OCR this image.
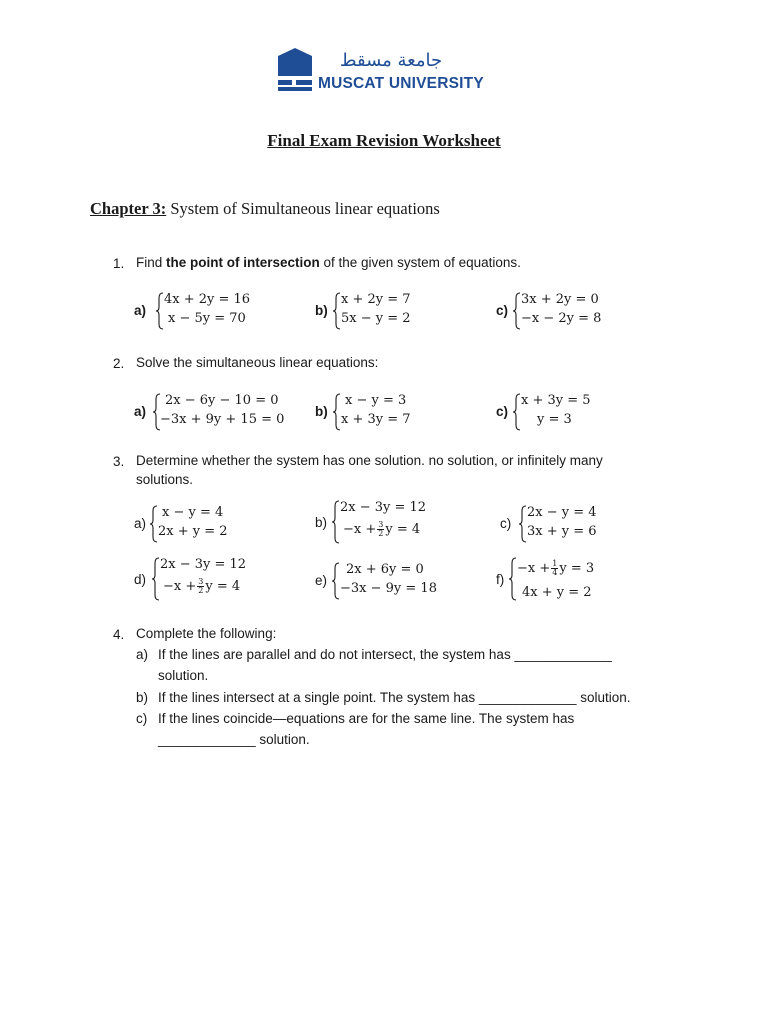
جامعة مسقط
MUSCAT UNIVERSITY
Final Exam Revision Worksheet
Chapter 3: System of Simultaneous linear equations
1. Find the point of intersection of the given system of equations.
a)
4x + 2y = 16
x − 5y = 70
b)
x + 2y = 7
5x − y = 2
c)
3x + 2y = 0
−x − 2y = 8
2. Solve the simultaneous linear equations:
a)
2x − 6y − 10 = 0
−3x + 9y + 15 = 0
b)
x − y = 3
x + 3y = 7
c)
x + 3y = 5
y = 3
3. Determine whether the system has one solution. no solution, or infinitely many
solutions.
a)
x − y = 4
2x + y = 2
b)
2x − 3y = 12
$-x + \frac{3}{2}$ y = 4	c)
2x − y = 4
3x + y = 6
d)
2x − 3y = 12
$-x + \frac{3}{2}$ y = 4	e)
2x + 6y = 0
−3x − 9y = 18
f)
$-x + \frac{1}{4}$ y = 3
4x + y = 2
4. Complete the following:
a) If the lines are parallel and do not intersect, the system has _____________
solution.
b) If the lines intersect at a single point. The system has _____________ solution.
c) If the lines coincide—equations are for the same line. The system has
_____________ solution.
